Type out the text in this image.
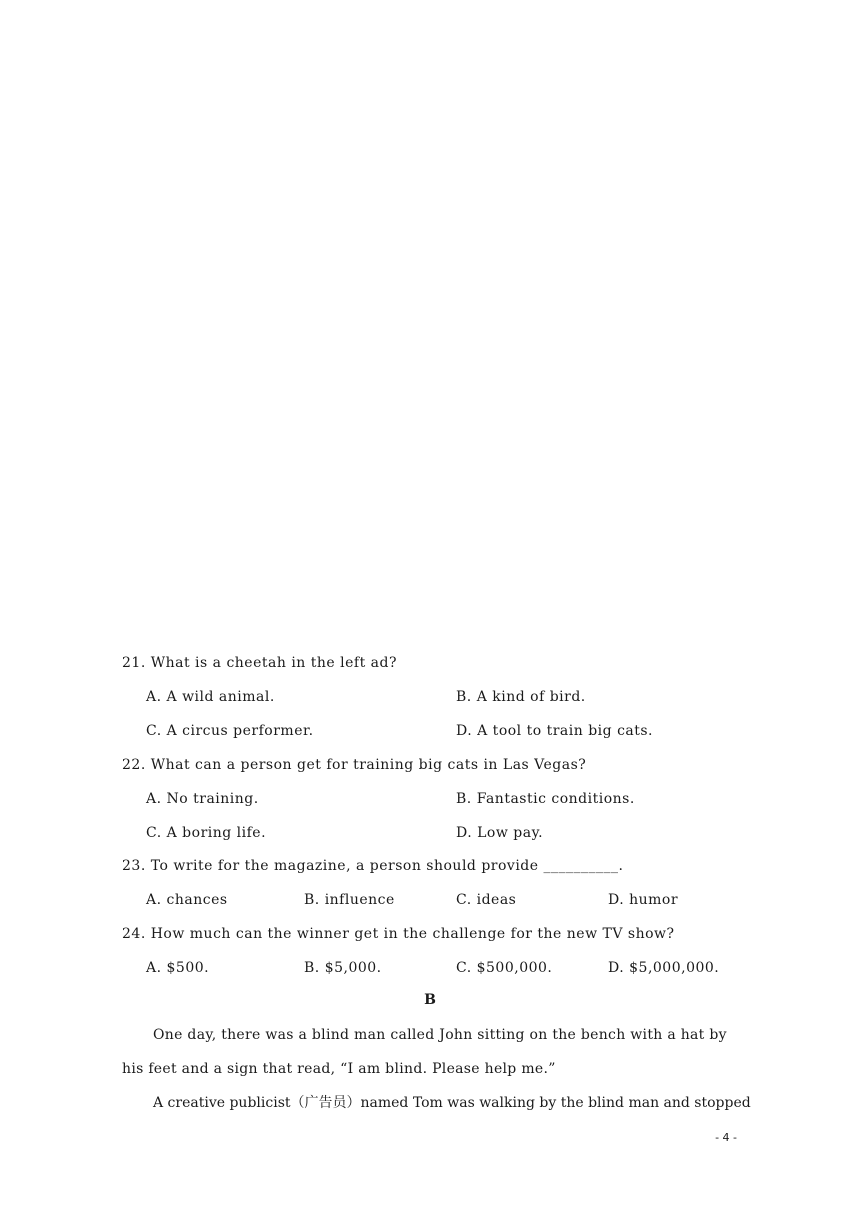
21. What is a cheetah in the left ad?
A. A wild animal.	B. A kind of bird.
C. A circus performer.	D. A tool to train big cats.
22. What can a person get for training big cats in Las Vegas?
A. No training.	B. Fantastic conditions.
C. A boring life.	D. Low pay.
23. To write for the magazine, a person should provide __________.
A. chances	B. influence	C. ideas	D. humor
24. How much can the winner get in the challenge for the new TV show?
A. $500.	B. $5,000.	C. $500,000.	D. $5,000,000.
B
One day, there was a blind man called John sitting on the bench with a hat by
his feet and a sign that read, “I am blind. Please help me.”
A creative publicist（广告员）named Tom was walking by the blind man and stopped
- 4 -
